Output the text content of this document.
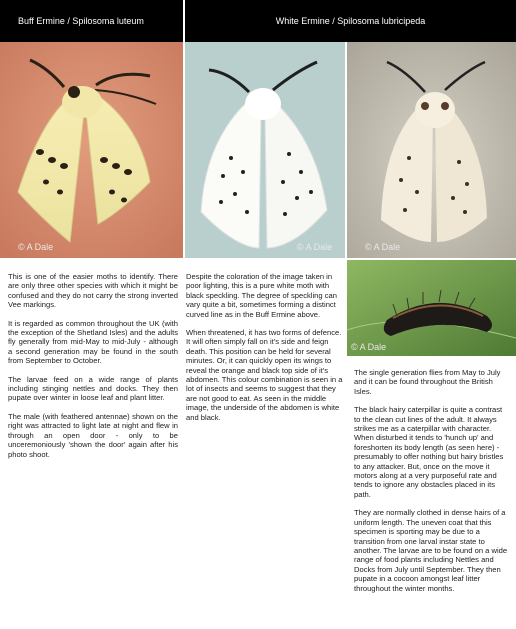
Buff Ermine / Spilosoma luteum	White Ermine / Spilosoma lubricipeda
© A Dale	© A Dale	© A Dale
© A Dale

This is one of the easier moths to identify. There are only three other species with which it might be confused and they do not carry the strong inverted Vee markings.

It is regarded as common throughout the UK (with the exception of the Shetland Isles) and the adults fly generally from mid-May to mid-July - although a second generation may be found in the south from September to October.

The larvae feed on a wide range of plants including stinging nettles and docks. They then pupate over winter in loose leaf and plant litter.

The male (with feathered antennae) shown on the right was attracted to light late at night and flew in through an open door - only to be unceremoniously 'shown the door' again after his photo shoot.

Despite the coloration of the image taken in poor lighting, this is a pure white moth with black speckling. The degree of speckling can vary quite a bit, sometimes forming a distinct curved line as in the Buff Ermine above.

When threatened, it has two forms of defence. It will often simply fall on it's side and feign death. This position can be held for several minutes. Or, it can quickly open its wings to reveal the orange and black top side of it's abdomen. This colour combination is seen in a lot of insects and seems to suggest that they are not good to eat. As seen in the middle image, the underside of the abdomen is white and black.

The single generation flies from May to July and it can be found throughout the British Isles.

The black hairy caterpillar is quite a contrast to the clean cut lines of the adult. It always strikes me as a caterpillar with character. When disturbed it tends to 'hunch up' and foreshorten its body length (as seen here) - presumably to offer nothing but hairy bristles to any attacker. But, once on the move it motors along at a very purposeful rate and tends to ignore any obstacles placed in its path.

They are normally clothed in dense hairs of a uniform length. The uneven coat that this specimen is sporting may be due to a transition from one larval instar state to another. The larvae are to be found on a wide range of food plants including Nettles and Docks from July until September. They then pupate in a cocoon amongst leaf litter throughout the winter months.
